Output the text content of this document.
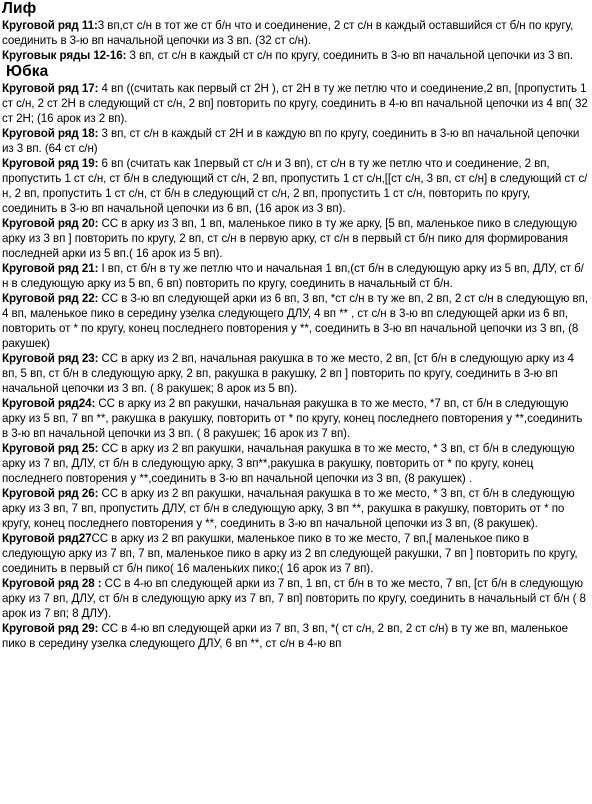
Лиф

Круговой ряд 11:3 вп,ст с/н в тот же ст б/н что и соединение, 2 ст с/н в каждый оставшийся ст б/н по кругу, соединить в 3-ю вп начальной цепочки из 3 вп. (32 ст с/н).

Круговык ряды 12-16: 3 вп, ст с/н в каждый ст с/н по кругу, соединить в 3-ю вп начальной цепочки из 3 вп.

Юбка

Круговой ряд 17: 4 вп ((считать как первый ст 2Н ), ст 2Н в ту же петлю что и соединение,2 вп, [пропустить 1 ст с/н, 2 ст 2Н в следующий ст с/н, 2 вп] повторить по кругу, соединить в 4-ю вп начальной цепочки из 4 вп( 32 ст 2Н; (16 арок из 2 вп).

Круговой ряд 18: 3 вп, ст с/н в каждый ст 2Н и в каждую вп по кругу, соединить в 3-ю вп начальной цепочки из 3 вп. (64 ст с/н)

Круговой ряд 19: 6 вп (считать как 1первый ст с/н и 3 вп), ст с/н в ту же петлю что и соединение, 2 вп, пропустить 1 ст с/н, ст б/н в следующий ст с/н, 2 вп, пропустить 1 ст с/н,[[ст с/н, 3 вп, ст с/н] в следующий ст с/н, 2 вп, пропустить 1 ст с/н, ст б/н в следующий ст с/н, 2 вп, пропустить 1 ст с/н, повторить по кругу, соединить в 3-ю вп начальной цепочки из 6 вп, (16 арок из 3 вп).

Круговой ряд 20: СС в арку из 3 вп, 1 вп, маленькое пико в ту же арку, [5 вп, маленькое пико в следующую арку из 3 вп ] повторить по кругу, 2 вп, ст с/н в первую арку, ст с/н в первый ст б/н пико для формирования последней арки из 5 вп.( 16 арок из 5 вп).

Круговой ряд 21: I вп, ст б/н в ту же петлю что и начальная 1 вп,(ст б/н в следующую арку из 5 вп, ДЛУ, ст б/н в следующую арку из 5 вп, 6 вп) повторить по кругу, соединить в начальный ст б/н.

Круговой ряд 22: СС в 3-ю вп следующей арки из 6 вп, 3 вп, *ст с/н в ту же вп, 2 вп, 2 ст с/н в следующую вп, 4 вп, маленькое пико в середину узелка следующего ДЛУ, 4 вп ** , ст с/н в 3-ю вп следующей арки из 6 вп, повторить от * по кругу, конец последнего повторения у **, соединить в 3-ю вп начальной цепочки из 3 вп, (8 ракушек)

Круговой ряд 23: СС в арку из 2 вп, начальная ракушка в то же место, 2 вп, [ст б/н в следующую арку из 4 вп, 5 вп, ст б/н в следующую арку, 2 вп, ракушка в ракушку, 2 вп ] повторить по кругу, соединить в 3-ю вп начальной цепочки из 3 вп. ( 8 ракушек; 8 арок из 5 вп).

Круговой ряд24: СС в арку из 2 вп ракушки, начальная ракушка в то же место, *7 вп, ст б/н в следующую арку из 5 вп, 7 вп **, ракушка в ракушку, повторить от * по кругу, конец последнего повторения у **,соединить в 3-ю вп начальной цепочки из 3 вп. ( 8 ракушек; 16 арок из 7 вп).

Круговой ряд 25: СС в арку из 2 вп ракушки, начальная ракушка в то же место, * 3 вп, ст б/н в следующую арку из 7 вп, ДЛУ, ст б/н в следующую арку, 3 вп**,ракушка в ракушку, повторить от * по кругу, конец последнего повторения у **,соединить в 3-ю вп начальной цепочки из 3 вп, (8 ракушек) .

Круговой ряд 26: СС в арку из 2 вп ракушки, начальная ракушка в то же место, * 3 вп, ст б/н в следующую арку из 3 вп, 7 вп, пропустить ДЛУ, ст б/н в следующую арку, 3 вп **, ракушка в ракушку, повторить от * по кругу, конец последнего повторения у **, соединить в 3-ю вп начальной цепочки из 3 вп, (8 ракушек).

Круговой ряд27СС в арку из 2 вп ракушки, маленькое пико в то же место, 7 вп,[ маленькое пико в следующую арку из 7 вп, 7 вп, маленькое пико в арку из 2 вп следующей ракушки, 7 вп ] повторить по кругу, соединить в первый ст б/н пико( 16 маленьких пико;( 16 арок из 7 вп).

Круговой ряд 28 : СС в 4-ю вп следующей арки из 7 вп, 1 вп, ст б/н в то же место, 7 вп, [ст б/н в следующую арку из 7 вп, ДЛУ, ст б/н в следующую арку из 7 вп, 7 вп] повторить по кругу, соединить в начальный ст б/н ( 8 арок из 7 вп; 8 ДЛУ).

Круговой ряд 29: СС в 4-ю вп следующей арки из 7 вп, 3 вп, *( ст с/н, 2 вп, 2 ст с/н) в ту же вп, маленькое пико в середину узелка следующего ДЛУ, 6 вп **, ст с/н в 4-ю вп
